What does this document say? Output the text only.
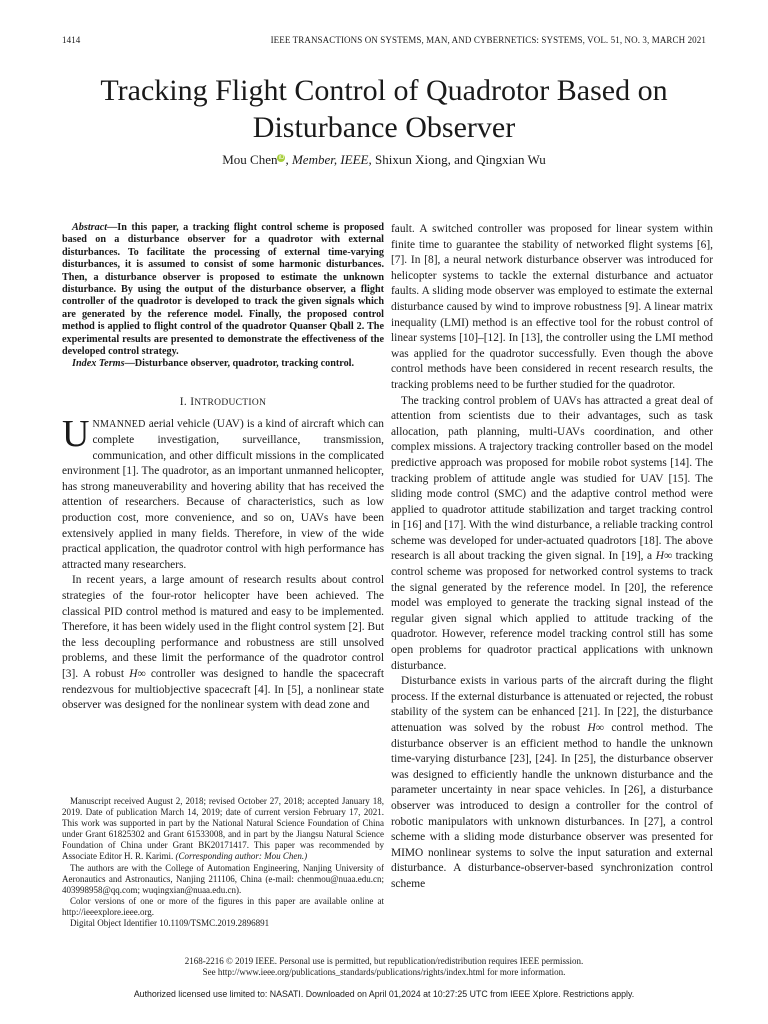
1414	IEEE TRANSACTIONS ON SYSTEMS, MAN, AND CYBERNETICS: SYSTEMS, VOL. 51, NO. 3, MARCH 2021
Tracking Flight Control of Quadrotor Based on
Disturbance Observer
Mou CheniD, Member, IEEE, Shixun Xiong, and Qingxian Wu

Abstract—In this paper, a tracking flight control scheme is proposed based on a disturbance observer for a quadrotor with external disturbances. To facilitate the processing of external time-varying disturbances, it is assumed to consist of some harmonic disturbances. Then, a disturbance observer is proposed to estimate the unknown disturbance. By using the output of the disturbance observer, a flight controller of the quadrotor is developed to track the given signals which are generated by the reference model. Finally, the proposed control method is applied to flight control of the quadrotor Quanser Qball 2. The experimental results are presented to demonstrate the effectiveness of the developed control strategy.

Index Terms—Disturbance observer, quadrotor, tracking control.

I. INTRODUCTION

UNMANNED aerial vehicle (UAV) is a kind of aircraft which can complete investigation, surveillance, transmission, communication, and other difficult missions in the complicated environment [1]. The quadrotor, as an important unmanned helicopter, has strong maneuverability and hovering ability that has received the attention of researchers. Because of characteristics, such as low production cost, more convenience, and so on, UAVs have been extensively applied in many fields. Therefore, in view of the wide practical application, the quadrotor control with high performance has attracted many researchers.

In recent years, a large amount of research results about control strategies of the four-rotor helicopter have been achieved. The classical PID control method is matured and easy to be implemented. Therefore, it has been widely used in the flight control system [2]. But the less decoupling performance and robustness are still unsolved problems, and these limit the performance of the quadrotor control [3]. A robust H∞ controller was designed to handle the spacecraft rendezvous for multiobjective spacecraft [4]. In [5], a nonlinear state observer was designed for the nonlinear system with dead zone and

Manuscript received August 2, 2018; revised October 27, 2018; accepted January 18, 2019. Date of publication March 14, 2019; date of current version February 17, 2021. This work was supported in part by the National Natural Science Foundation of China under Grant 61825302 and Grant 61533008, and in part by the Jiangsu Natural Science Foundation of China under Grant BK20171417. This paper was recommended by Associate Editor H. R. Karimi. (Corresponding author: Mou Chen.)

The authors are with the College of Automation Engineering, Nanjing University of Aeronautics and Astronautics, Nanjing 211106, China (e-mail: chenmou@nuaa.edu.cn; 403998958@qq.com; wuqingxian@nuaa.edu.cn).

Color versions of one or more of the figures in this paper are available online at http://ieeexplore.ieee.org.

Digital Object Identifier 10.1109/TSMC.2019.2896891

fault. A switched controller was proposed for linear system within finite time to guarantee the stability of networked flight systems [6], [7]. In [8], a neural network disturbance observer was introduced for helicopter systems to tackle the external disturbance and actuator faults. A sliding mode observer was employed to estimate the external disturbance caused by wind to improve robustness [9]. A linear matrix inequality (LMI) method is an effective tool for the robust control of linear systems [10]–[12]. In [13], the controller using the LMI method was applied for the quadrotor successfully. Even though the above control methods have been considered in recent research results, the tracking problems need to be further studied for the quadrotor.

The tracking control problem of UAVs has attracted a great deal of attention from scientists due to their advantages, such as task allocation, path planning, multi-UAVs coordination, and other complex missions. A trajectory tracking controller based on the model predictive approach was proposed for mobile robot systems [14]. The tracking problem of attitude angle was studied for UAV [15]. The sliding mode control (SMC) and the adaptive control method were applied to quadrotor attitude stabilization and target tracking control in [16] and [17]. With the wind disturbance, a reliable tracking control scheme was developed for under-actuated quadrotors [18]. The above research is all about tracking the given signal. In [19], a H∞ tracking control scheme was proposed for networked control systems to track the signal generated by the reference model. In [20], the reference model was employed to generate the tracking signal instead of the regular given signal which applied to attitude tracking of the quadrotor. However, reference model tracking control still has some open problems for quadrotor practical applications with unknown disturbance.

Disturbance exists in various parts of the aircraft during the flight process. If the external disturbance is attenuated or rejected, the robust stability of the system can be enhanced [21]. In [22], the disturbance attenuation was solved by the robust H∞ control method. The disturbance observer is an efficient method to handle the unknown time-varying disturbance [23], [24]. In [25], the disturbance observer was designed to efficiently handle the unknown disturbance and the parameter uncertainty in near space vehicles. In [26], a disturbance observer was introduced to design a controller for the control of robotic manipulators with unknown disturbances. In [27], a control scheme with a sliding mode disturbance observer was presented for MIMO nonlinear systems to solve the input saturation and external disturbance. A disturbance-observer-based synchronization control scheme

2168-2216 © 2019 IEEE. Personal use is permitted, but republication/redistribution requires IEEE permission.
See http://www.ieee.org/publications_standards/publications/rights/index.html for more information.
Authorized licensed use limited to: NASATI. Downloaded on April 01,2024 at 10:27:25 UTC from IEEE Xplore. Restrictions apply.
